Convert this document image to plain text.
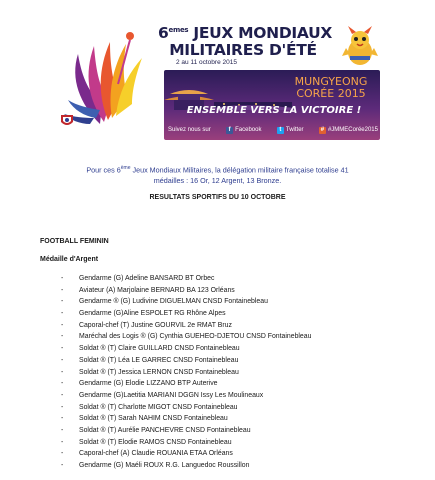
6emes JEUX MONDIAUX
MILITAIRES D'ÉTÉ
2 au 11 octobre 2015
MUNGYEONG
CORÉE 2015
ENSEMBLE VERS LA VICTOIRE !
Suivez nous sur	f Facebook	t Twitter	# #JMMECorée2015
Pour ces 6ème Jeux Mondiaux Militaires, la délégation militaire française totalise 41
médailles : 16 Or, 12 Argent, 13 Bronze.
RESULTATS SPORTIFS DU 10 OCTOBRE
FOOTBALL FEMININ
Médaille d'Argent
- Gendarme (G) Adeline BANSARD BT Orbec
- Aviateur (A) Marjolaine BERNARD BA 123 Orléans
- Gendarme ® (G) Ludivine DIGUELMAN CNSD Fontainebleau
- Gendarme (G)Aline ESPOLET RG Rhône Alpes
- Caporal-chef (T) Justine GOURVIL 2e RMAT Bruz
- Maréchal des Logis ® (G) Cynthia GUEHEO-DJETOU CNSD Fontainebleau
- Soldat ® (T) Claire GUILLARD CNSD Fontainebleau
- Soldat ® (T) Léa LE GARREC CNSD Fontainebleau
- Soldat ® (T) Jessica LERNON CNSD Fontainebleau
- Gendarme (G) Elodie LIZZANO BTP Auterive
- Gendarme (G)Laetitia MARIANI DGGN Issy Les Moulineaux
- Soldat ® (T) Charlotte MIGOT CNSD Fontainebleau
- Soldat ® (T) Sarah NAHIM CNSD Fontainebleau
- Soldat ® (T) Aurélie PANCHEVRE CNSD Fontainebleau
- Soldat ® (T) Elodie RAMOS CNSD Fontainebleau
- Caporal-chef (A) Claudie ROUANIA ETAA Orléans
- Gendarme (G) Maéli ROUX R.G. Languedoc Roussillon
